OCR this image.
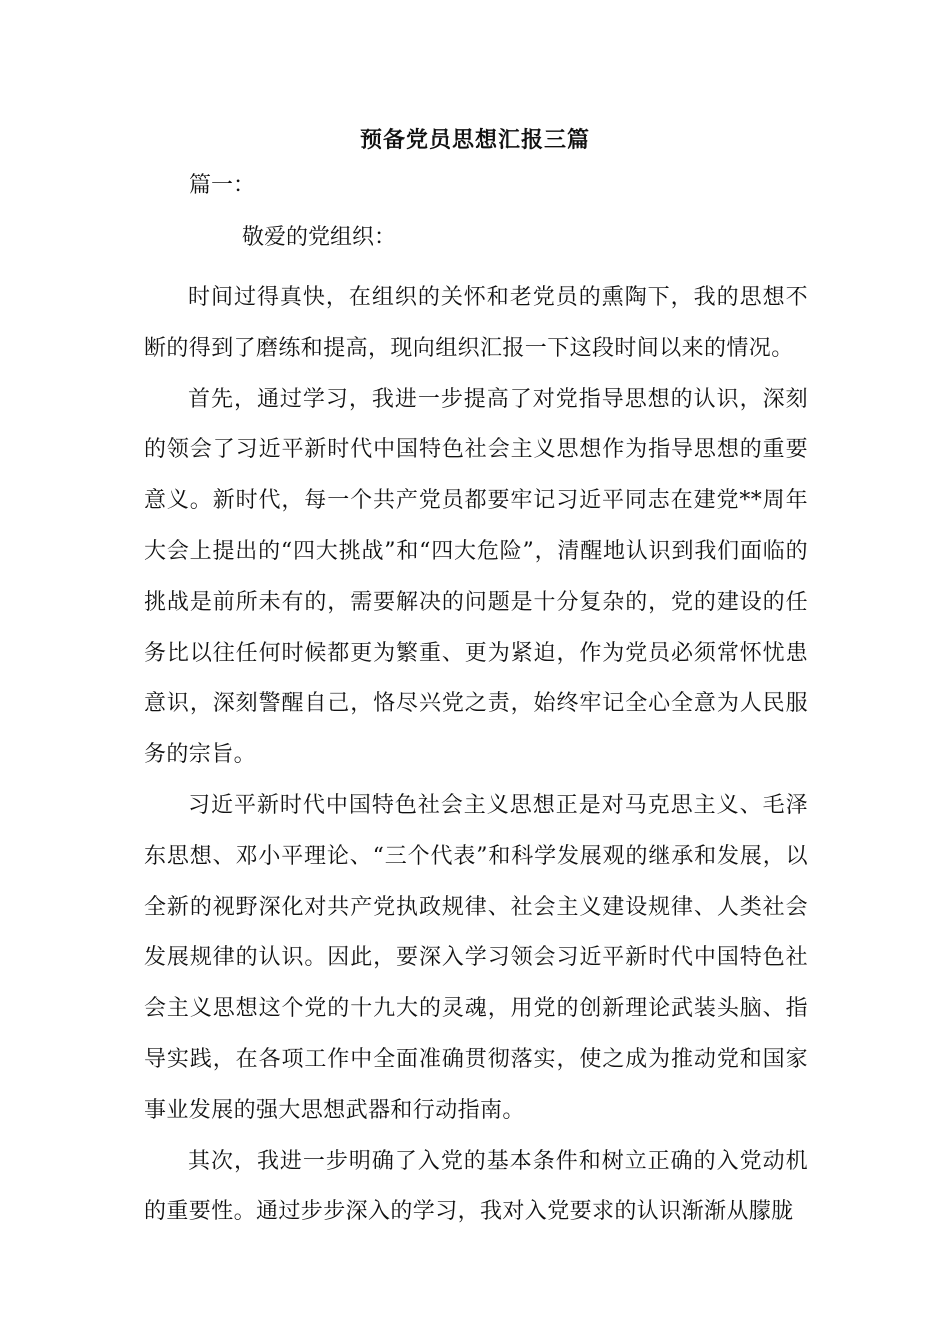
预备党员思想汇报三篇

篇一：

敬爱的党组织：

时间过得真快，在组织的关怀和老党员的熏陶下，我的思想不断的得到了磨练和提高，现向组织汇报一下这段时间以来的情况。

首先，通过学习，我进一步提高了对党指导思想的认识，深刻的领会了习近平新时代中国特色社会主义思想作为指导思想的重要意义。新时代，每一个共产党员都要牢记习近平同志在建党**周年大会上提出的“四大挑战”和“四大危险”，清醒地认识到我们面临的挑战是前所未有的，需要解决的问题是十分复杂的，党的建设的任务比以往任何时候都更为繁重、更为紧迫，作为党员必须常怀忧患意识，深刻警醒自己，恪尽兴党之责，始终牢记全心全意为人民服务的宗旨。

习近平新时代中国特色社会主义思想正是对马克思主义、毛泽东思想、邓小平理论、“三个代表”和科学发展观的继承和发展，以全新的视野深化对共产党执政规律、社会主义建设规律、人类社会发展规律的认识。因此，要深入学习领会习近平新时代中国特色社会主义思想这个党的十九大的灵魂，用党的创新理论武装头脑、指导实践，在各项工作中全面准确贯彻落实，使之成为推动党和国家事业发展的强大思想武器和行动指南。

其次，我进一步明确了入党的基本条件和树立正确的入党动机的重要性。通过步步深入的学习，我对入党要求的认识渐渐从朦胧
